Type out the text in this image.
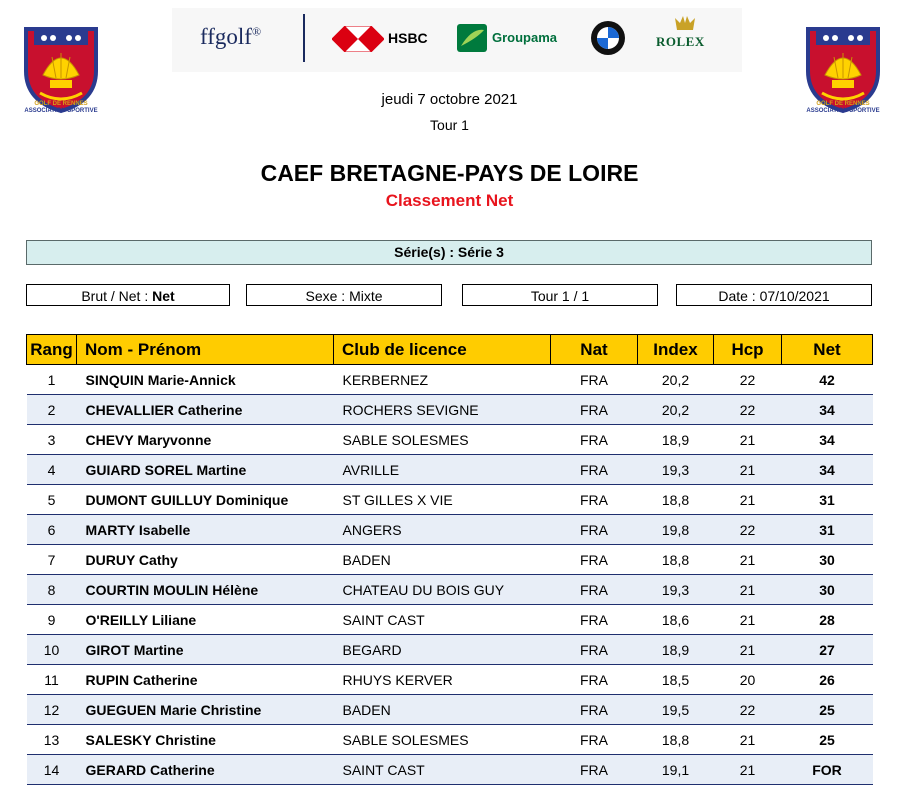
GOLF DE RENNES
ASSOCIATION SPORTIVE
GOLF DE RENNES
ASSOCIATION SPORTIVE
ffgolf®	HSBC	Groupama	ROLEX
jeudi 7 octobre 2021
Tour 1
CAEF BRETAGNE-PAYS DE LOIRE
Classement Net
Série(s) : Série 3
Brut / Net : Net	Sexe : Mixte	Tour 1 / 1	Date : 07/10/2021
Rang	Nom - Prénom	Club de licence	Nat	Index	Hcp	Net
1	SINQUIN Marie-Annick	KERBERNEZ	FRA	20,2	22	42
2	CHEVALLIER Catherine	ROCHERS SEVIGNE	FRA	20,2	22	34
3	CHEVY Maryvonne	SABLE SOLESMES	FRA	18,9	21	34
4	GUIARD SOREL Martine	AVRILLE	FRA	19,3	21	34
5	DUMONT GUILLUY Dominique	ST GILLES X VIE	FRA	18,8	21	31
6	MARTY Isabelle	ANGERS	FRA	19,8	22	31
7	DURUY Cathy	BADEN	FRA	18,8	21	30
8	COURTIN MOULIN Hélène	CHATEAU DU BOIS GUY	FRA	19,3	21	30
9	O'REILLY Liliane	SAINT CAST	FRA	18,6	21	28
10	GIROT Martine	BEGARD	FRA	18,9	21	27
11	RUPIN Catherine	RHUYS KERVER	FRA	18,5	20	26
12	GUEGUEN Marie Christine	BADEN	FRA	19,5	22	25
13	SALESKY Christine	SABLE SOLESMES	FRA	18,8	21	25
14	GERARD Catherine	SAINT CAST	FRA	19,1	21	FOR
